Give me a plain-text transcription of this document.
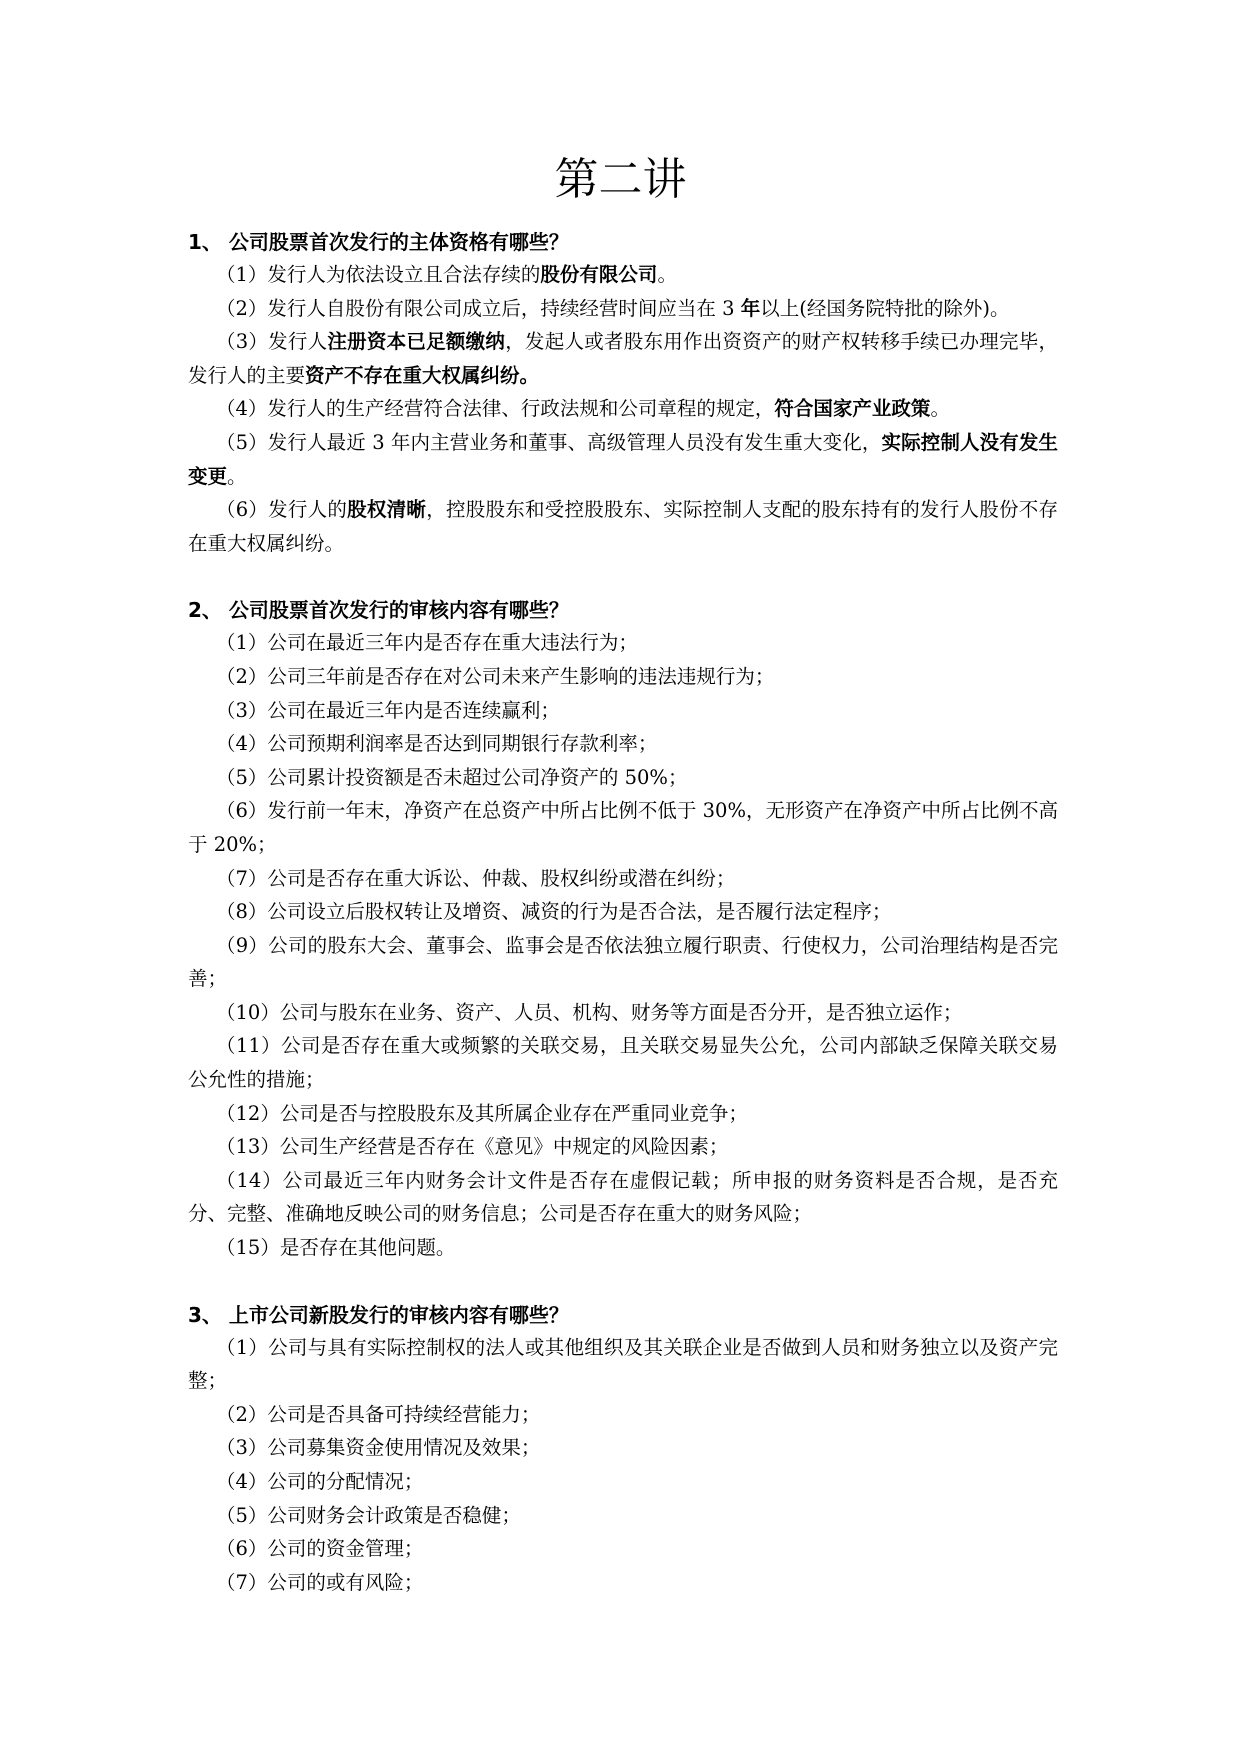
第二讲
1、 公司股票首次发行的主体资格有哪些？

（1）发行人为依法设立且合法存续的股份有限公司。

（2）发行人自股份有限公司成立后，持续经营时间应当在 3 年以上(经国务院特批的除外)。

（3）发行人注册资本已足额缴纳，发起人或者股东用作出资资产的财产权转移手续已办理完毕，发行人的主要资产不存在重大权属纠纷。

（4）发行人的生产经营符合法律、行政法规和公司章程的规定，符合国家产业政策。

（5）发行人最近 3 年内主营业务和董事、高级管理人员没有发生重大变化，实际控制人没有发生变更。

（6）发行人的股权清晰，控股股东和受控股股东、实际控制人支配的股东持有的发行人股份不存在重大权属纠纷。

2、 公司股票首次发行的审核内容有哪些？

（1）公司在最近三年内是否存在重大违法行为；

（2）公司三年前是否存在对公司未来产生影响的违法违规行为；

（3）公司在最近三年内是否连续赢利；

（4）公司预期利润率是否达到同期银行存款利率；

（5）公司累计投资额是否未超过公司净资产的 50%；

（6）发行前一年末，净资产在总资产中所占比例不低于 30%，无形资产在净资产中所占比例不高于 20%；

（7）公司是否存在重大诉讼、仲裁、股权纠纷或潜在纠纷；

（8）公司设立后股权转让及增资、减资的行为是否合法，是否履行法定程序；

（9）公司的股东大会、董事会、监事会是否依法独立履行职责、行使权力，公司治理结构是否完善；

（10）公司与股东在业务、资产、人员、机构、财务等方面是否分开，是否独立运作；

（11）公司是否存在重大或频繁的关联交易，且关联交易显失公允，公司内部缺乏保障关联交易公允性的措施；

（12）公司是否与控股股东及其所属企业存在严重同业竞争；

（13）公司生产经营是否存在《意见》中规定的风险因素；

（14）公司最近三年内财务会计文件是否存在虚假记载；所申报的财务资料是否合规，是否充分、完整、准确地反映公司的财务信息；公司是否存在重大的财务风险；

（15）是否存在其他问题。

3、 上市公司新股发行的审核内容有哪些？

（1）公司与具有实际控制权的法人或其他组织及其关联企业是否做到人员和财务独立以及资产完整；

（2）公司是否具备可持续经营能力；

（3）公司募集资金使用情况及效果；

（4）公司的分配情况；

（5）公司财务会计政策是否稳健；

（6）公司的资金管理；

（7）公司的或有风险；
